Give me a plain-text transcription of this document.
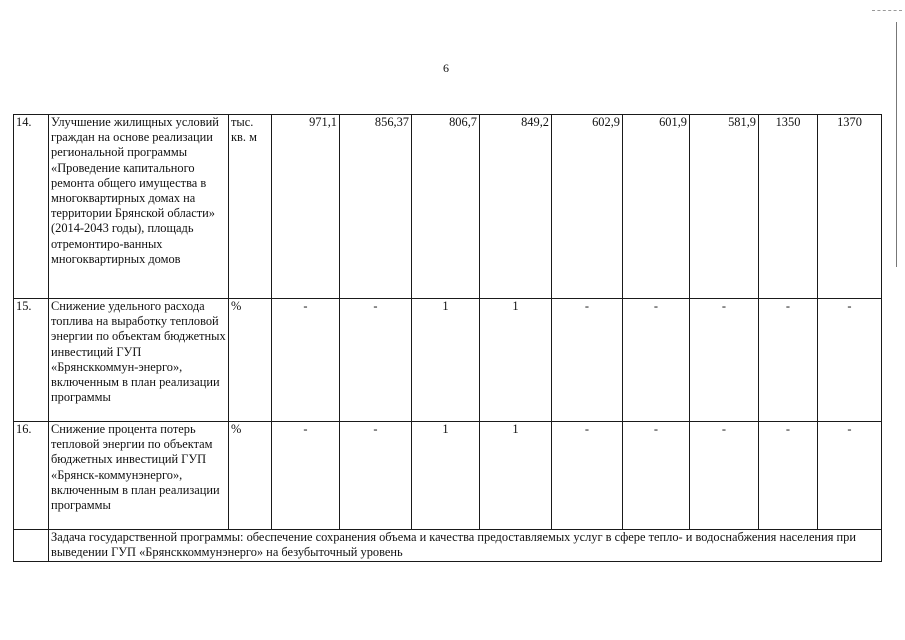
6
14.	Улучшение жилищных условий граждан на основе реализации региональной программы «Проведение капитального ремонта общего имущества в многоквартирных домах на территории Брянской области» (2014-2043 годы), площадь отремонтиро-ванных многоквартирных домов	тыс. кв. м	971,1	856,37	806,7	849,2	602,9	601,9	581,9	1350	1370
15.	Снижение удельного расхода топлива на выработку тепловой энергии по объектам бюджетных инвестиций ГУП «Брянсккоммун-энерго», включенным в план реализации программы	%	-	-	1	1	-	-	-	-	-
16.	Снижение процента потерь тепловой энергии по объектам бюджетных инвестиций ГУП «Брянск-коммунэнерго», включенным в план реализации программы	%	-	-	1	1	-	-	-	-	-
	Задача государственной программы: обеспечение сохранения объема и качества предоставляемых услуг в сфере тепло- и водоснабжения населения при выведении ГУП «Брянсккоммунэнерго» на безубыточный уровень										
